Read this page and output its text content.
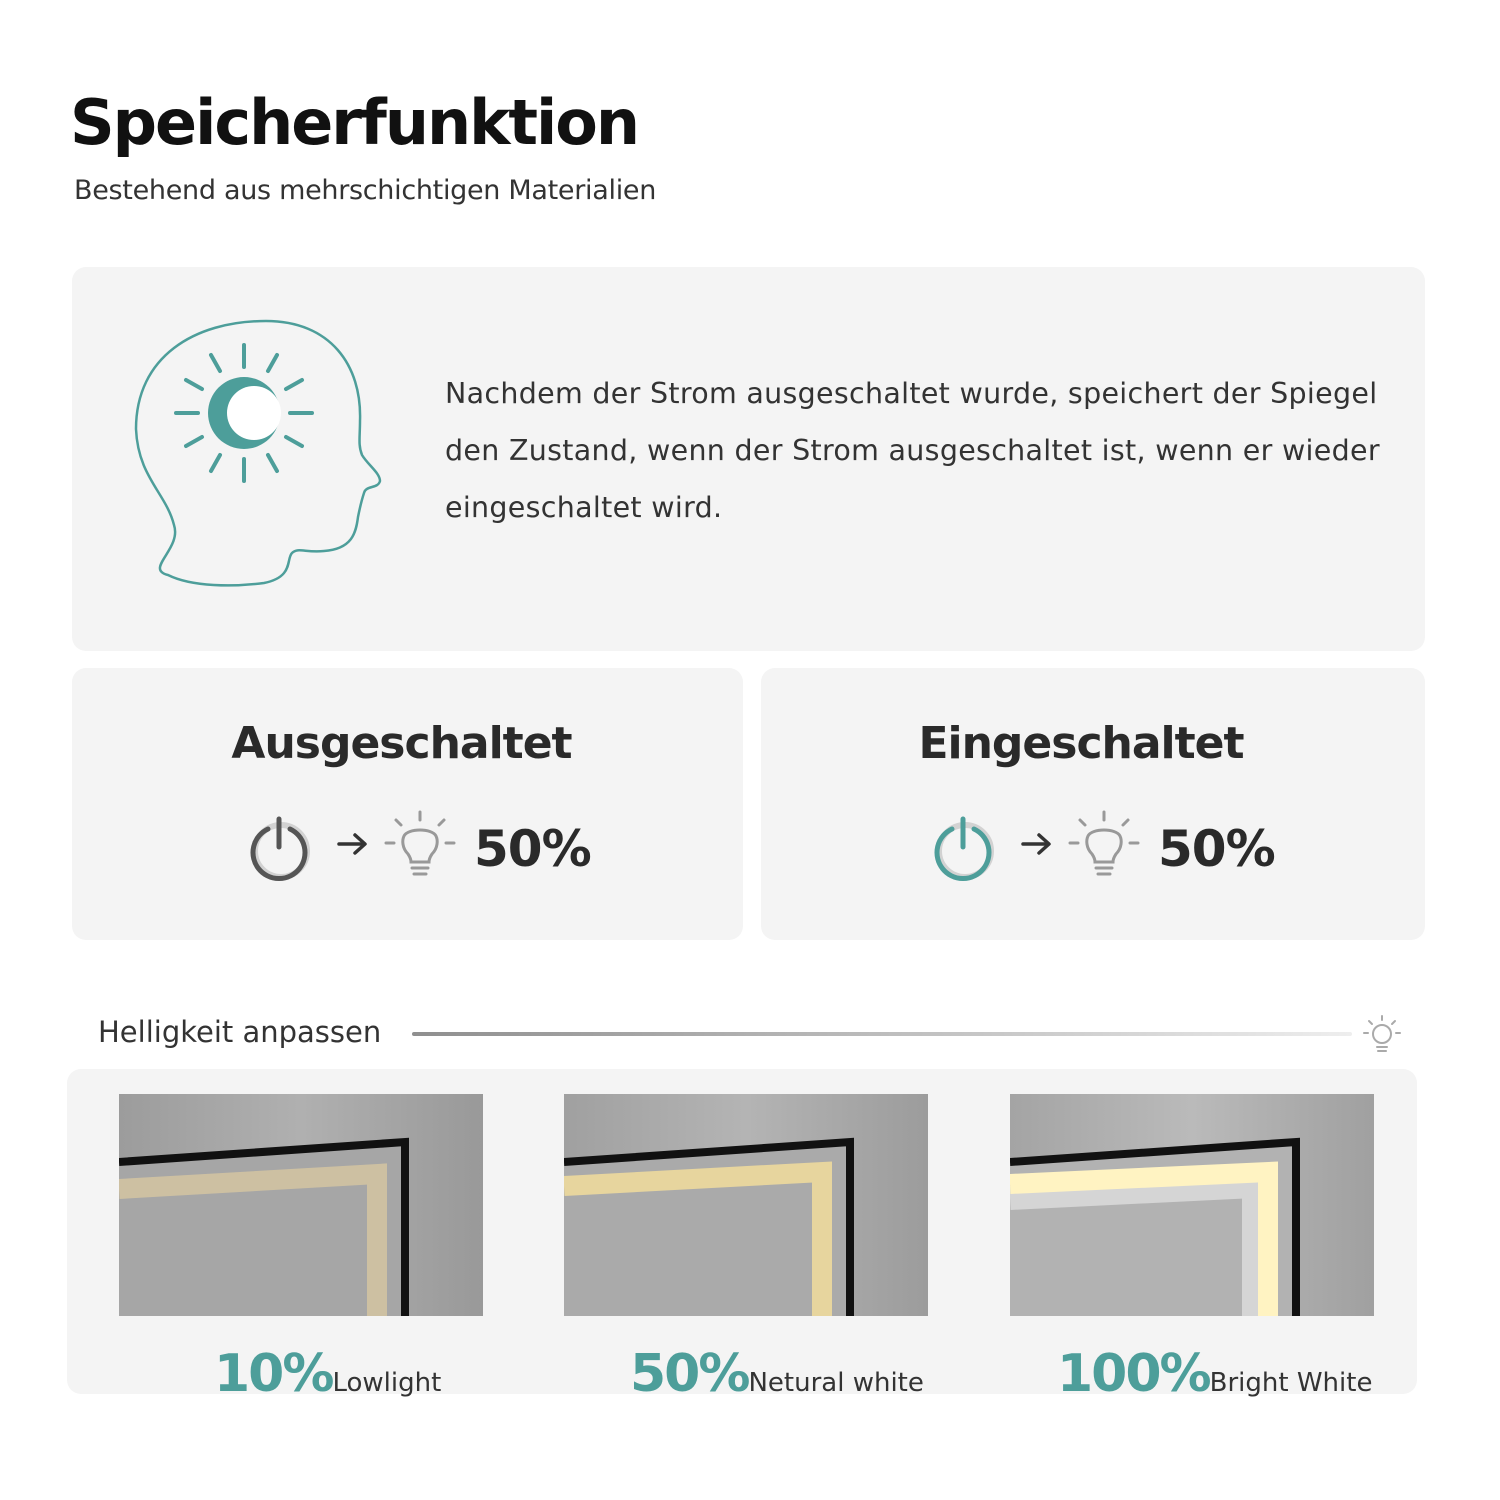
Speicherfunktion
Bestehend aus mehrschichtigen Materialien
Nachdem der Strom ausgeschaltet wurde, speichert der Spiegel den Zustand, wenn der Strom ausgeschaltet ist, wenn er wieder eingeschaltet wird.
Ausgeschaltet
50%
Eingeschaltet
50%
Helligkeit anpassen
10%Lowlight	50%Netural white	100%Bright White
